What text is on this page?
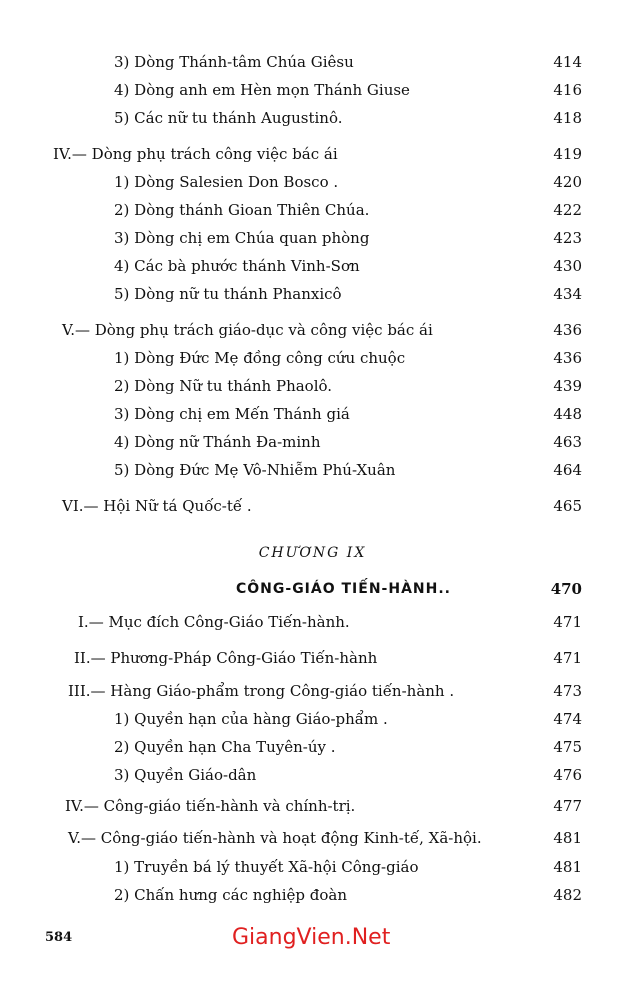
3) Dòng Thánh-tâm Chúa Giêsu	414
4) Dòng anh em Hèn mọn Thánh Giuse	416
5) Các nữ tu thánh Augustinô.	418
IV.— Dòng phụ trách công việc bác ái	419
1) Dòng Salesien Don Bosco .	420
2) Dòng thánh Gioan Thiên Chúa.	422
3) Dòng chị em Chúa quan phòng	423
4) Các bà phước thánh Vinh-Sơn	430
5) Dòng nữ tu thánh Phanxicô	434
V.— Dòng phụ trách giáo-dục và công việc bác ái	436
1) Dòng Đức Mẹ đồng công cứu chuộc	436
2) Dòng Nữ tu thánh Phaolô.	439
3) Dòng chị em Mến Thánh giá	448
4) Dòng nữ Thánh Đa-minh	463
5) Dòng Đức Mẹ Vô-Nhiễm Phú-Xuân	464
VI.— Hội Nữ tá Quốc-tế .	465
CHƯƠNG IX
CÔNG-GIÁO TIẾN-HÀNH..	470
I.— Mục đích Công-Giáo Tiến-hành.	471
II.— Phương-Pháp Công-Giáo Tiến-hành	471
III.— Hàng Giáo-phẩm trong Công-giáo tiến-hành .	473
1) Quyền hạn của hàng Giáo-phẩm .	474
2) Quyền hạn Cha Tuyên-úy .	475
3) Quyền Giáo-dân	476
IV.— Công-giáo tiến-hành và chính-trị.	477
V.— Công-giáo tiến-hành và hoạt động Kinh-tế, Xã-hội.	481
1) Truyền bá lý thuyết Xã-hội Công-giáo	481
2) Chấn hưng các nghiệp đoàn	482
584	GiangVien.Net
